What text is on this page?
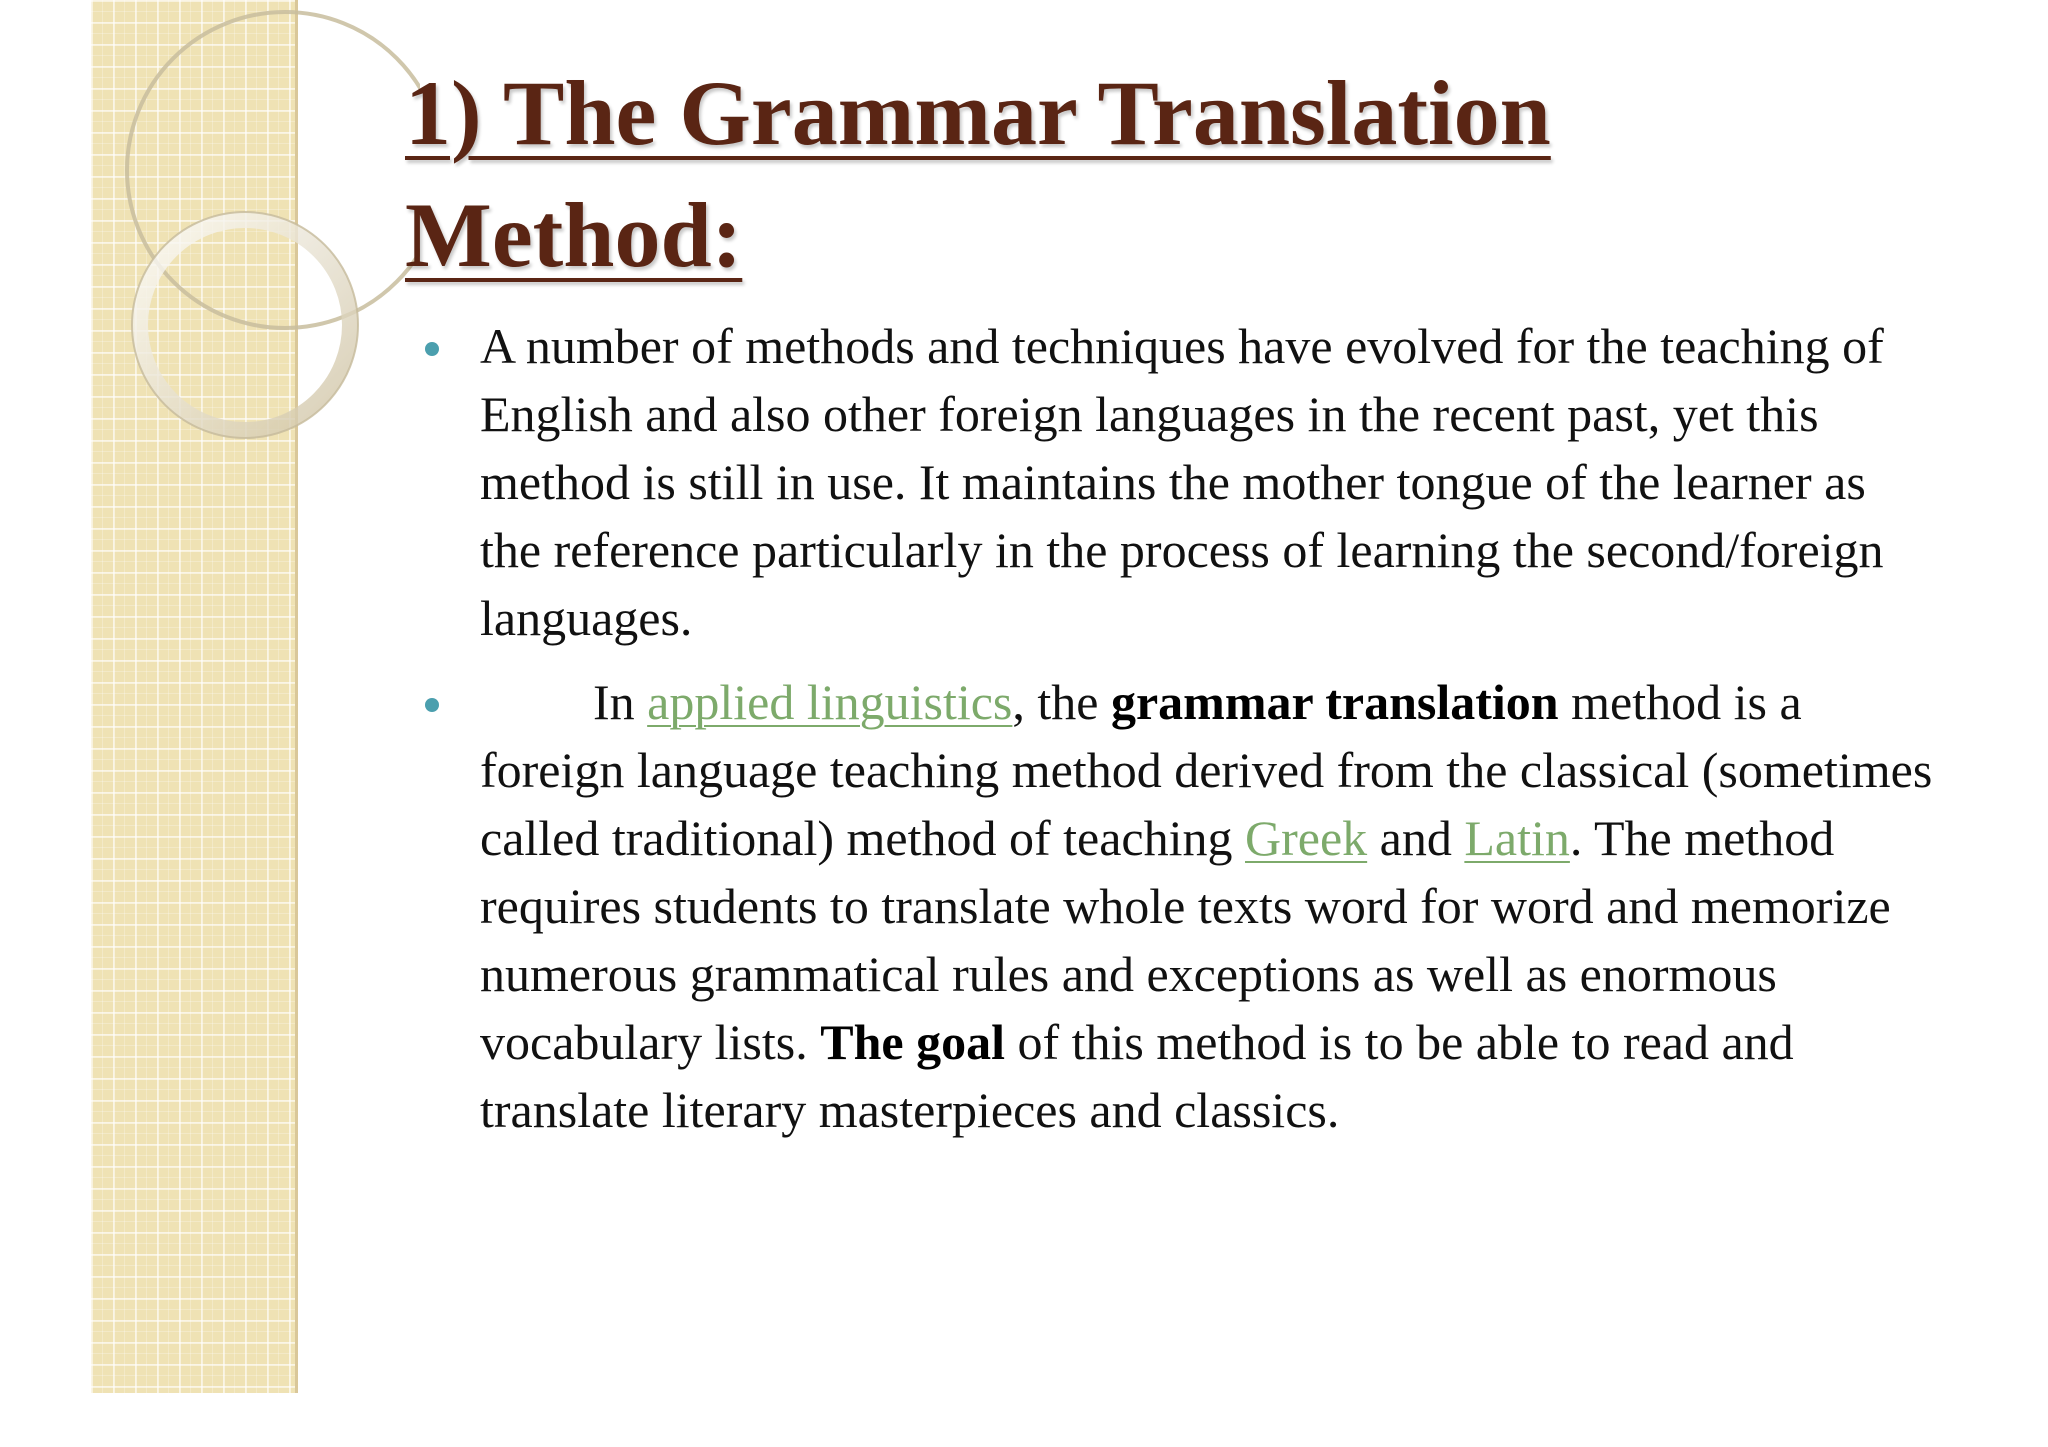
1) The Grammar Translation Method:
A number of methods and techniques have evolved for the teaching of English and also other foreign languages in the recent past, yet this method is still in use. It maintains the mother tongue of the learner as the reference particularly in the process of learning the second/foreign languages.
In applied linguistics, the grammar translation method is a foreign language teaching method derived from the classical (sometimes called traditional) method of teaching Greek and Latin. The method requires students to translate whole texts word for word and memorize numerous grammatical rules and exceptions as well as enormous vocabulary lists. The goal of this method is to be able to read and translate literary masterpieces and classics.
